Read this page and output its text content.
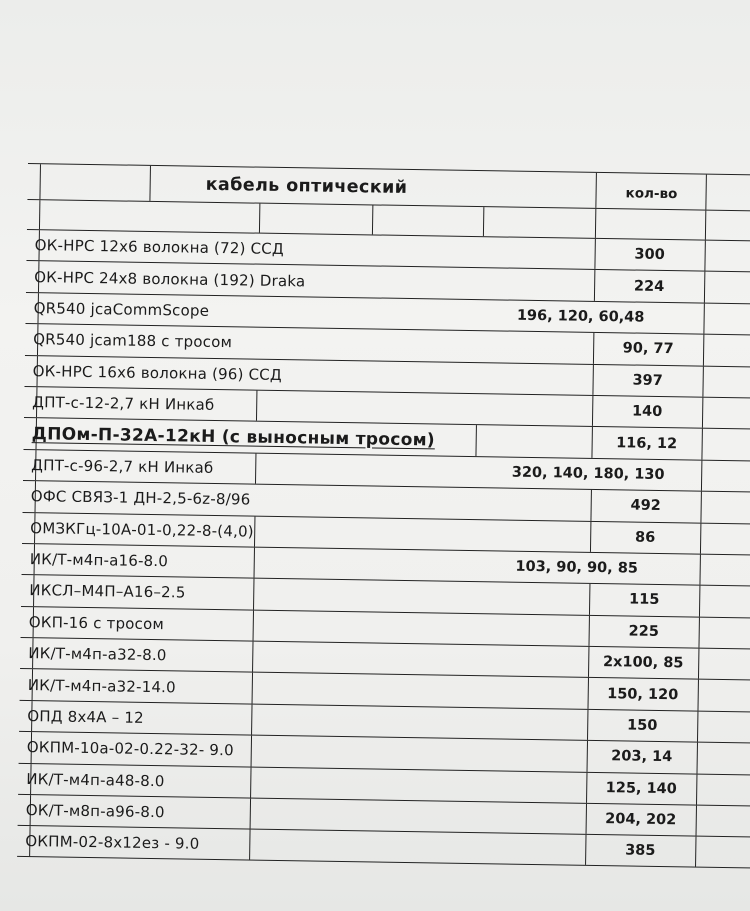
кабель оптический	кол-во
ОК-НРС 12х6 волокна (72) ССД	300
ОК-НРС 24х8 волокна (192) Draka	224
QR540 jcaCommScope	196, 120, 60,48
QR540 jcam188 с тросом	90, 77
ОК-НРС 16х6 волокна (96) ССД	397
ДПТ-с-12-2,7 кН Инкаб	140
ДПОм-П-32А-12кН (с выносным тросом)	116, 12
ДПТ-с-96-2,7 кН Инкаб	320, 140, 180, 130
ОФС СВЯЗ-1 ДН-2,5-6z-8/96	492
ОМЗКГц-10А-01-0,22-8-(4,0)	86
ИК/Т-м4п-а16-8.0	103, 90, 90, 85
ИКСЛ–М4П–А16–2.5	115
ОКП-16 с тросом	225
ИК/Т-м4п-а32-8.0	2х100, 85
ИК/Т-м4п-а32-14.0	150, 120
ОПД 8х4А – 12	150
ОКПМ-10а-02-0.22-32- 9.0	203, 14
ИК/Т-м4п-а48-8.0	125, 140
ОК/Т-м8п-а96-8.0	204, 202
ОКПМ-02-8х12ез - 9.0	385
